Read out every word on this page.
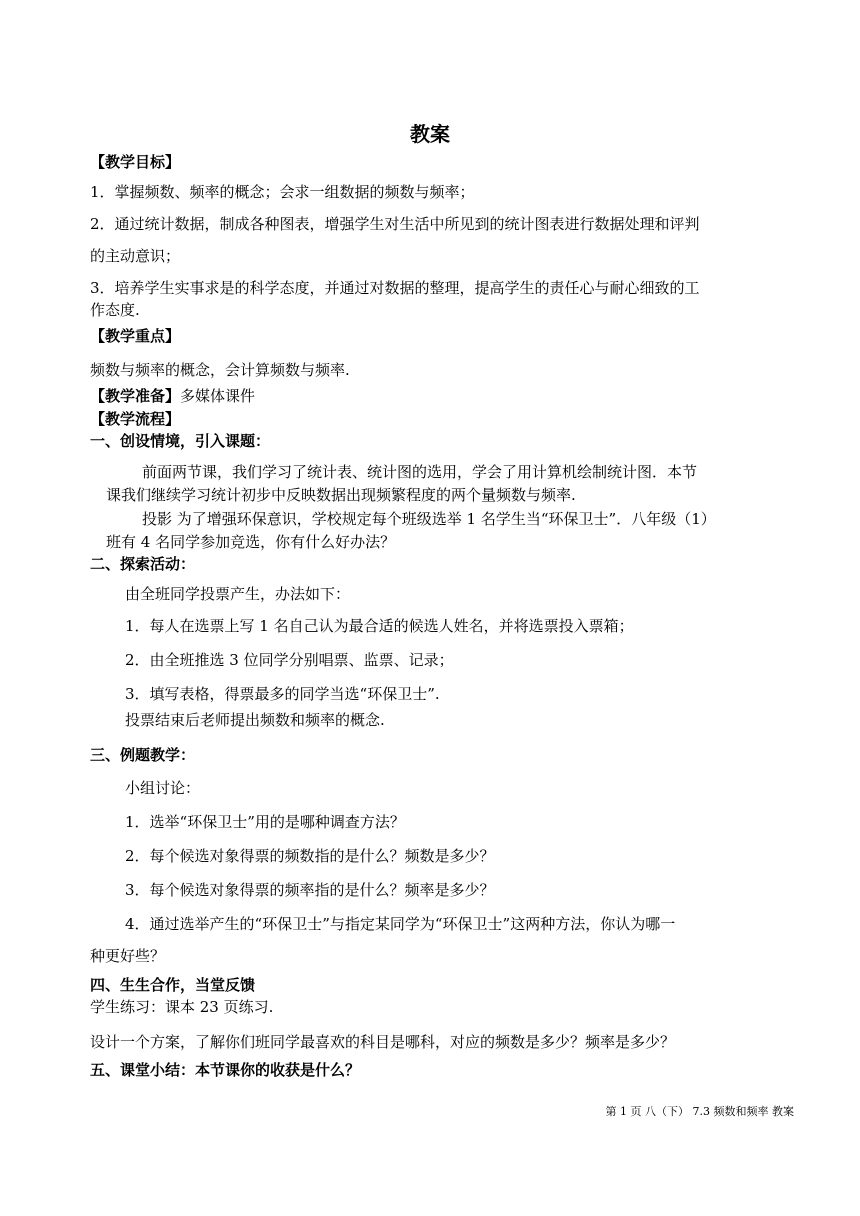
教案
【教学目标】
1．掌握频数、频率的概念；会求一组数据的频数与频率；
2．通过统计数据，制成各种图表，增强学生对生活中所见到的统计图表进行数据处理和评判
的主动意识；
3．培养学生实事求是的科学态度，并通过对数据的整理，提高学生的责任心与耐心细致的工
作态度.
【教学重点】
频数与频率的概念，会计算频数与频率.
【教学准备】多媒体课件
【教学流程】
一、创设情境，引入课题：
前面两节课，我们学习了统计表、统计图的选用，学会了用计算机绘制统计图．本节
课我们继续学习统计初步中反映数据出现频繁程度的两个量频数与频率.
投影 为了增强环保意识，学校规定每个班级选举 1 名学生当“环保卫士”．八年级（1）
班有 4 名同学参加竞选，你有什么好办法？
二、探索活动：
由全班同学投票产生，办法如下：
1．每人在选票上写 1 名自己认为最合适的候选人姓名，并将选票投入票箱；
2．由全班推选 3 位同学分别唱票、监票、记录；
3．填写表格，得票最多的同学当选“环保卫士”.
投票结束后老师提出频数和频率的概念.
三、例题教学：
小组讨论：
1．选举“环保卫士”用的是哪种调查方法？
2．每个候选对象得票的频数指的是什么？频数是多少？
3．每个候选对象得票的频率指的是什么？频率是多少？
4．通过选举产生的“环保卫士”与指定某同学为“环保卫士”这两种方法，你认为哪一
种更好些？
四、生生合作，当堂反馈
学生练习：课本 23 页练习.
设计一个方案，了解你们班同学最喜欢的科目是哪科，对应的频数是多少？频率是多少？
五、课堂小结：本节课你的收获是什么？
第 1 页 八（下） 7.3 频数和频率 教案
